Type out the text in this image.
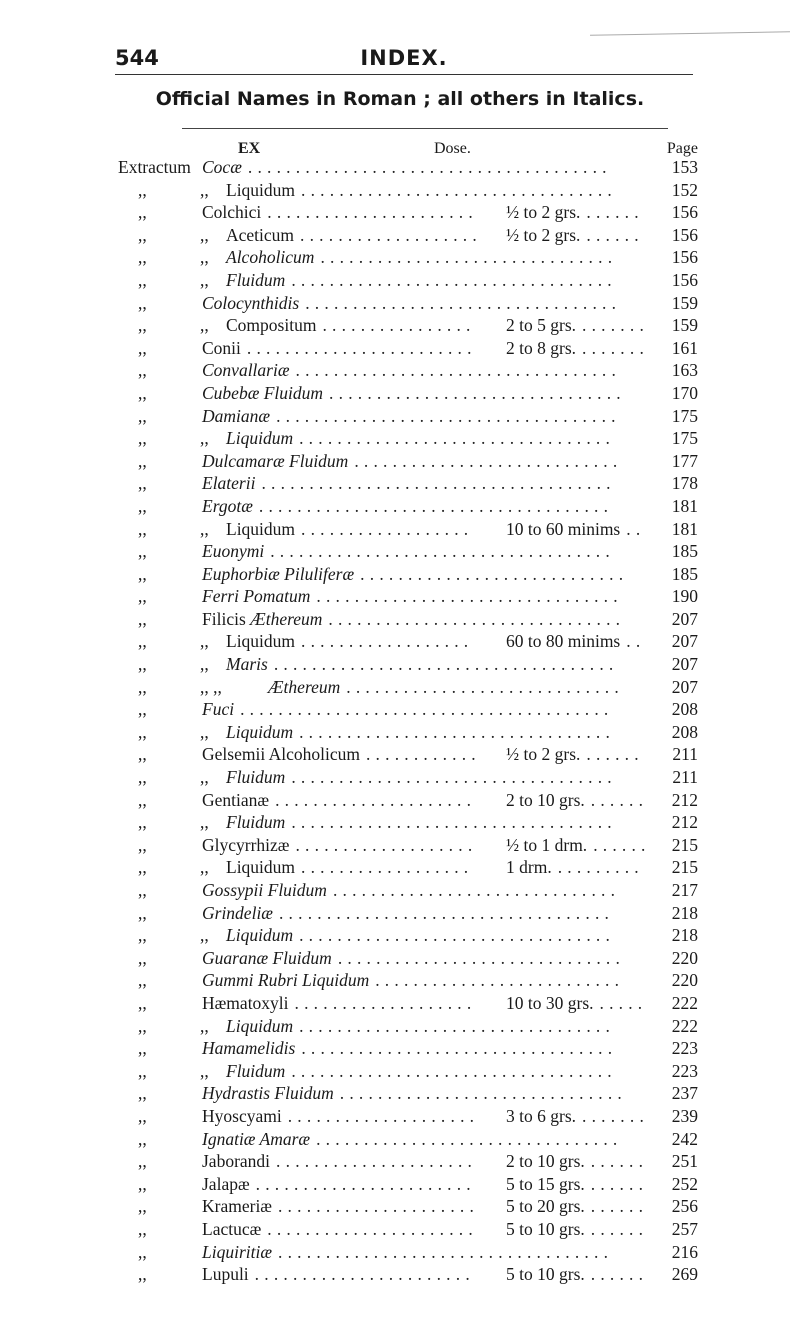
544	INDEX.
Official Names in Roman ; all others in Italics.
EX	Dose.	Page
Extractum Cocæ ......................................	153
,,	,, Liquidum .................................	152
,,	Colchici ...................... ½ to 2 grs. ......	156
,,	,, Aceticum ................... ½ to 2 grs. ......	156
,,	,, Alcoholicum ...............................	156
,,	,, Fluidum ..................................	156
,,	Colocynthidis .................................	159
,,	,, Compositum ................ 2 to 5 grs. .......	159
,,	Conii ........................ 2 to 8 grs. .......	161
,,	Convallariæ ..................................	163
,,	Cubebæ Fluidum ...............................	170
,,	Damianæ ....................................	175
,,	,, Liquidum .................................	175
,,	Dulcamaræ Fluidum ............................	177
,,	Elaterii .....................................	178
,,	Ergotæ .....................................	181
,,	,, Liquidum .................. 10 to 60 minims ..	181
,,	Euonymi ....................................	185
,,	Euphorbiæ Piluliferæ ............................	185
,,	Ferri Pomatum ................................	190
,,	Filicis Æthereum ...............................	207
,,	,, Liquidum .................. 60 to 80 minims ..	207
,,	,, Maris ....................................	207
,,	,, ,,	Æthereum .............................	207
,,	Fuci .......................................	208
,,	,, Liquidum .................................	208
,,	Gelsemii Alcoholicum ............ ½ to 2 grs. ......	211
,,	,, Fluidum ..................................	211
,,	Gentianæ ..................... 2 to 10 grs. ......	212
,,	,, Fluidum ..................................	212
,,	Glycyrrhizæ ................... ½ to 1 drm. ......	215
,,	,, Liquidum .................. 1 drm. .........	215
,,	Gossypii Fluidum ..............................	217
,,	Grindeliæ ...................................	218
,,	,, Liquidum .................................	218
,,	Guaranæ Fluidum ..............................	220
,,	Gummi Rubri Liquidum ..........................	220
,,	Hæmatoxyli ................... 10 to 30 grs. .....	222
,,	,, Liquidum .................................	222
,,	Hamamelidis .................................	223
,,	,, Fluidum ..................................	223
,,	Hydrastis Fluidum ..............................	237
,,	Hyoscyami .................... 3 to 6 grs. .......	239
,,	Ignatiæ Amaræ ................................	242
,,	Jaborandi ..................... 2 to 10 grs. ......	251
,,	Jalapæ ....................... 5 to 15 grs. ......	252
,,	Krameriæ ..................... 5 to 20 grs. ......	256
,,	Lactucæ ...................... 5 to 10 grs. ......	257
,,	Liquiritiæ ...................................	216
,,	Lupuli ....................... 5 to 10 grs. ......	269
